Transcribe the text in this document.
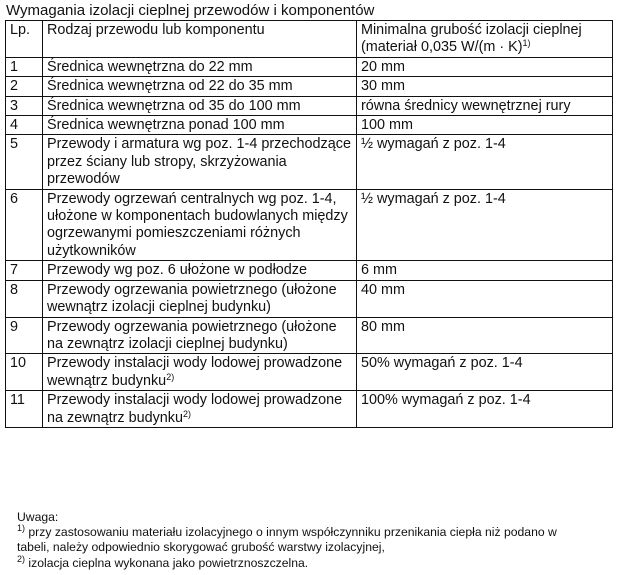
Wymagania izolacji cieplnej przewodów i komponentów
Lp.	Rodzaj przewodu lub komponentu	Minimalna grubość izolacji cieplnej
(materiał 0,035 $W/(m \cdot K)^{1)}$
1	Średnica wewnętrzna do 22 mm	20 mm
2	Średnica wewnętrzna od 22 do 35 mm	30 mm
3	Średnica wewnętrzna od 35 do 100 mm	równa średnicy wewnętrznej rury
4	Średnica wewnętrzna ponad 100 mm	100 mm
5	Przewody i armatura wg poz. 1-4 przechodzące przez ściany lub stropy, skrzyżowania przewodów	½ wymagań z poz. 1-4
6	Przewody ogrzewań centralnych wg poz. 1-4, ułożone w komponentach budowlanych między ogrzewanymi pomieszczeniami różnych użytkowników	½ wymagań z poz. 1-4
7	Przewody wg poz. 6 ułożone w podłodze	6 mm
8	Przewody ogrzewania powietrznego (ułożone wewnątrz izolacji cieplnej budynku)	40 mm
9	Przewody ogrzewania powietrznego (ułożone na zewnątrz izolacji cieplnej budynku)	80 mm
10	Przewody instalacji wody lodowej prowadzone wewnątrz budynku$^{2)}$	50% wymagań z poz. 1-4
11	Przewody instalacji wody lodowej prowadzone na zewnątrz budynku$^{2)}$	100% wymagań z poz. 1-4
Uwaga:
$^{1)}$ przy zastosowaniu materiału izolacyjnego o innym współczynniku przenikania ciepła niż podano w
tabeli, należy odpowiednio skorygować grubość warstwy izolacyjnej,
$^{2)}$ izolacja cieplna wykonana jako powietrznoszczelna.
